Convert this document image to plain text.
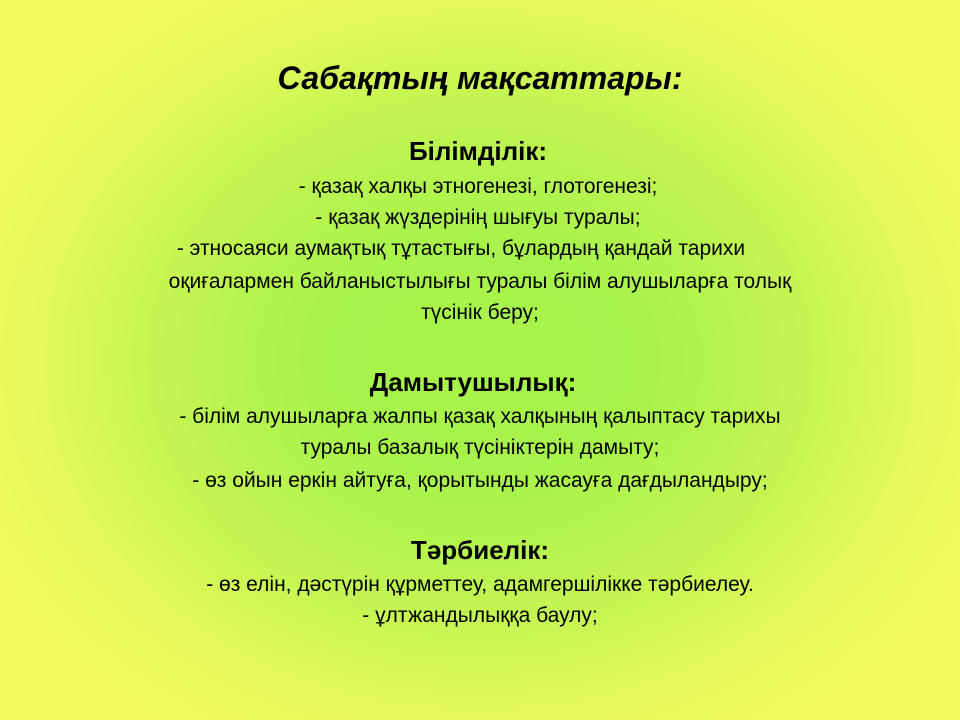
Сабақтың мақсаттары:
Білімділік:
- қазақ халқы этногенезі, глотогенезі;
- қазақ жүздерінің шығуы туралы;
- этносаяси аумақтық тұтастығы, бұлардың қандай тарихи
оқиғалармен байланыстылығы туралы білім алушыларға толық
түсінік беру;
Дамытушылық:
- білім алушыларға жалпы қазақ халқының қалыптасу тарихы
туралы базалық түсініктерін дамыту;
- өз ойын еркін айтуға, қорытынды жасауға дағдыландыру;
Тәрбиелік:
- өз елін, дәстүрін құрметтеу, адамгершілікке тәрбиелеу.
- ұлтжандылыққа баулу;
